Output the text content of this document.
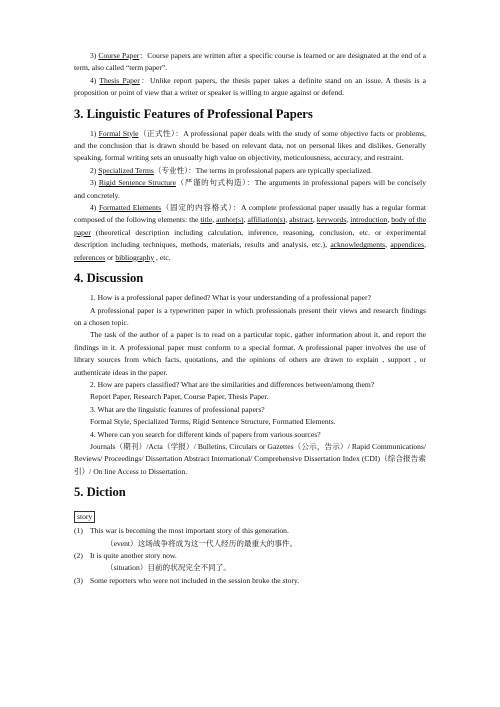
3) Course Paper：Course papers are written after a specific course is learned or are designated at the end of a term, also called “term paper”.

4) Thesis Paper：Unlike report papers, the thesis paper takes a definite stand on an issue. A thesis is a proposition or point of view that a writer or speaker is willing to argue against or defend.

3. Linguistic Features of Professional Papers

1) Formal Style（正式性）：A professional paper deals with the study of some objective facts or problems, and the conclusion that is drawn should be based on relevant data, not on personal likes and dislikes. Generally speaking, formal writing sets an unusually high value on objectivity, meticulousness, accuracy, and restraint.

2) Specialized Terms（专业性）：The terms in professional papers are typically specialized.

3) Rigid Sentence Structure（严谨的句式构造）：The arguments in professional papers will be concisely and concretely.

4) Formatted Elements（固定的内容格式）：A complete professional paper usually has a regular format composed of the following elements: the title, author(s), affiliation(s), abstract, keywords, introduction, body of the paper (theoretical description including calculation, inference, reasoning, conclusion, etc. or experimental description including techniques, methods, materials, results and analysis, etc.), acknowledgments, appendices, references or bibliography , etc.

4. Discussion

1. How is a professional paper defined? What is your understanding of a professional paper?

A professional paper is a typewritten paper in which professionals present their views and research findings on a chosen topic.

The task of the author of a paper is to read on a particular topic, gather information about it, and report the findings in it. A professional paper must conform to a special format. A professional paper involves the use of library sources from which facts, quotations, and the opinions of others are drawn to explain , support , or authenticate ideas in the paper.

2. How are papers classified? What are the similarities and differences between/among them?

Report Paper, Research Paper, Course Paper, Thesis Paper.

3. What are the linguistic features of professional papers?

Formal Style, Specialized Terms, Rigid Sentence Structure, Formatted Elements.

4. Where can you search for different kinds of papers from various sources?

Journals（期刊）/Acta（学报）/ Bulletins, Circulars or Gazettes（公示，告示）/ Rapid Communications/ Reviews/ Proceedings/ Dissertation Abstract International/ Comprehensive Dissertation Index (CDI)（综合报告索引）/ On line Access to Dissertation.

5. Diction
story
(1) This war is becoming the most important story of this generation.
（event）这场战争将成为这一代人经历的最重大的事件。
(2) It is quite another story now.
（situation）目前的状况完全不同了。
(3) Some reporters who were not included in the session broke the story.
